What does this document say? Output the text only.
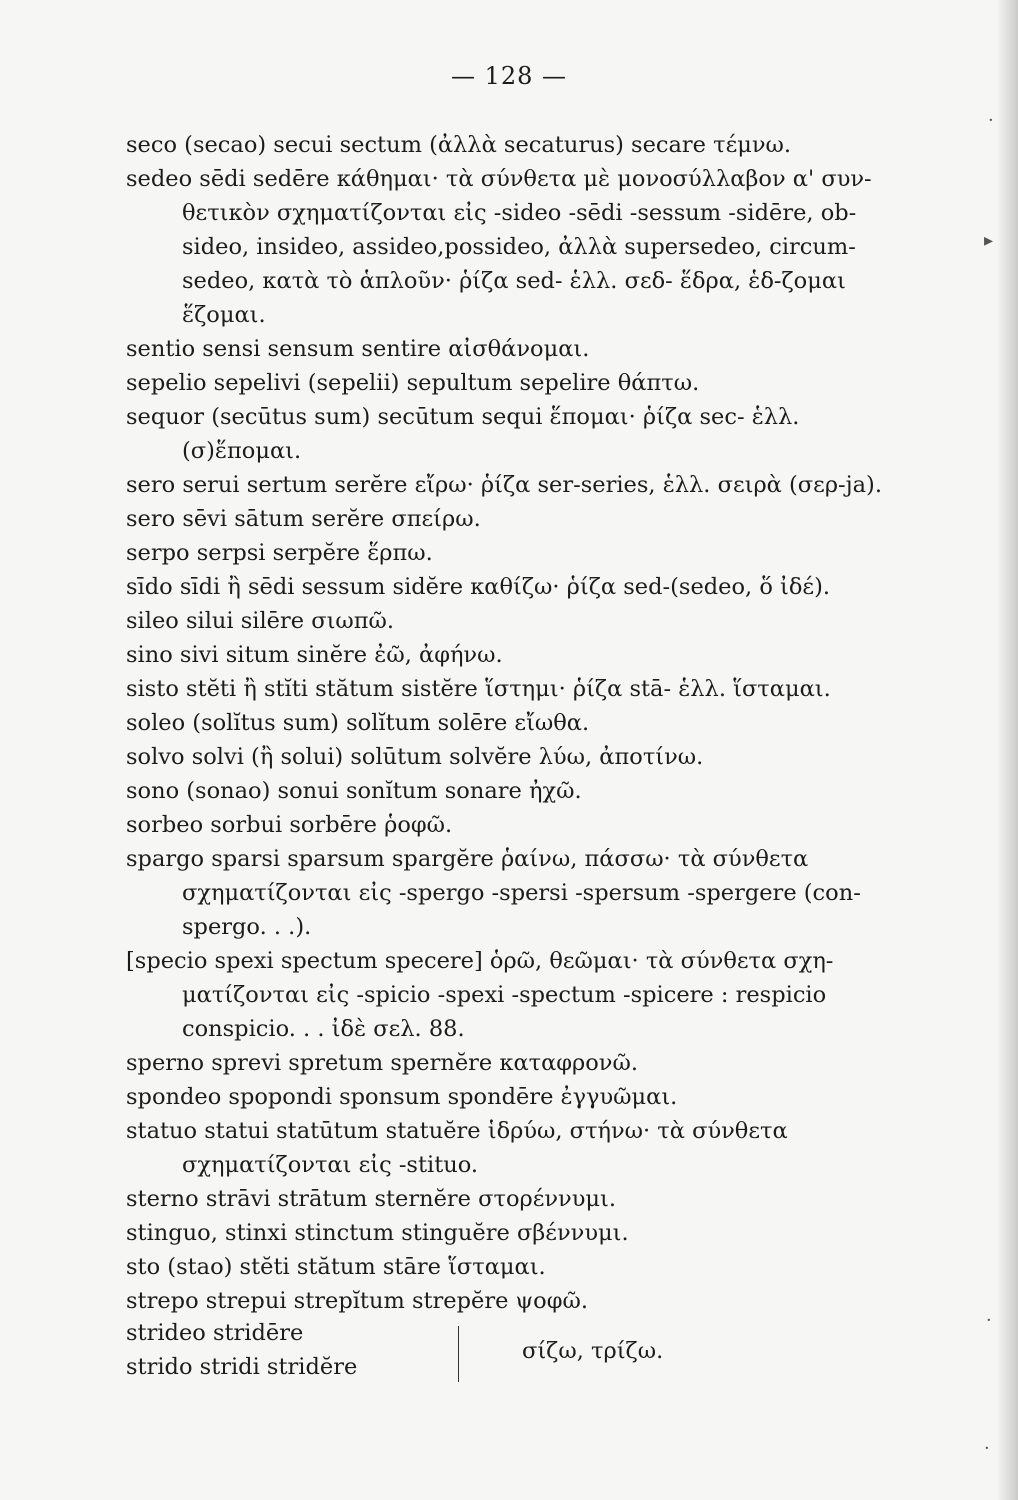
— 128 —
seco (secao) secui sectum (ἀλλὰ secaturus) secare τέμνω.
sedeo sēdi sedēre κάθημαι· τὰ σύνθετα μὲ μονοσύλλαβον α' συν-
θετικὸν σχηματίζονται εἰς -sideo -sēdi -sessum -sidēre, ob-
sideo, insideo, assideo,possideo, ἀλλὰ supersedeo, circum-
sedeo, κατὰ τὸ ἁπλοῦν· ῥίζα sed- ἑλλ. σεδ- ἕδρα, ἑδ-ζομαι
ἕζομαι.
sentio sensi sensum sentire αἰσθάνομαι.
sepelio sepelivi (sepelii) sepultum sepelire θάπτω.
sequor (secūtus sum) secūtum sequi ἕπομαι· ῥίζα sec- ἑλλ.
(σ)ἕπομαι.
sero serui sertum serĕre εἴρω· ῥίζα ser-series, ἑλλ. σειρὰ (σερ-ja).
sero sēvi sātum serĕre σπείρω.
serpo serpsi serpĕre ἕρπω.
sīdo sīdi ἢ sēdi sessum sidĕre καθίζω· ῥίζα sed-(sedeo, ὅ ἰδέ).
sileo silui silēre σιωπῶ.
sino sivi situm sinĕre ἐῶ, ἀφήνω.
sisto stĕti ἢ stĭti stătum sistĕre ἵστημι· ῥίζα stā- ἑλλ. ἵσταμαι.
soleo (solĭtus sum) solĭtum solēre εἴωθα.
solvo solvi (ἢ solui) solūtum solvĕre λύω, ἀποτίνω.
sono (sonao) sonui sonĭtum sonare ἠχῶ.
sorbeo sorbui sorbēre ῥοφῶ.
spargo sparsi sparsum spargĕre ῥαίνω, πάσσω· τὰ σύνθετα
σχηματίζονται εἰς -spergo -spersi -spersum -spergere (con-
spergo. . .).
[specio spexi spectum specere] ὁρῶ, θεῶμαι· τὰ σύνθετα σχη-
ματίζονται εἰς -spicio -spexi -spectum -spicere : respicio
conspicio. . . ἰδὲ σελ. 88.
sperno sprevi spretum spernĕre καταφρονῶ.
spondeo spopondi sponsum spondēre ἐγγυῶμαι.
statuo statui statūtum statuĕre ἱδρύω, στήνω· τὰ σύνθετα
σχηματίζονται εἰς -stituo.
sterno strāvi strātum sternĕre στορέννυμι.
stinguo, stinxi stinctum stinguĕre σβέννυμι.
sto (stao) stĕti stătum stāre ἵσταμαι.
strepo strepui strepĭtum strepĕre ψοφῶ.
strideo stridēre
strido stridi stridĕre
σίζω, τρίζω.
·
▸
·
·
